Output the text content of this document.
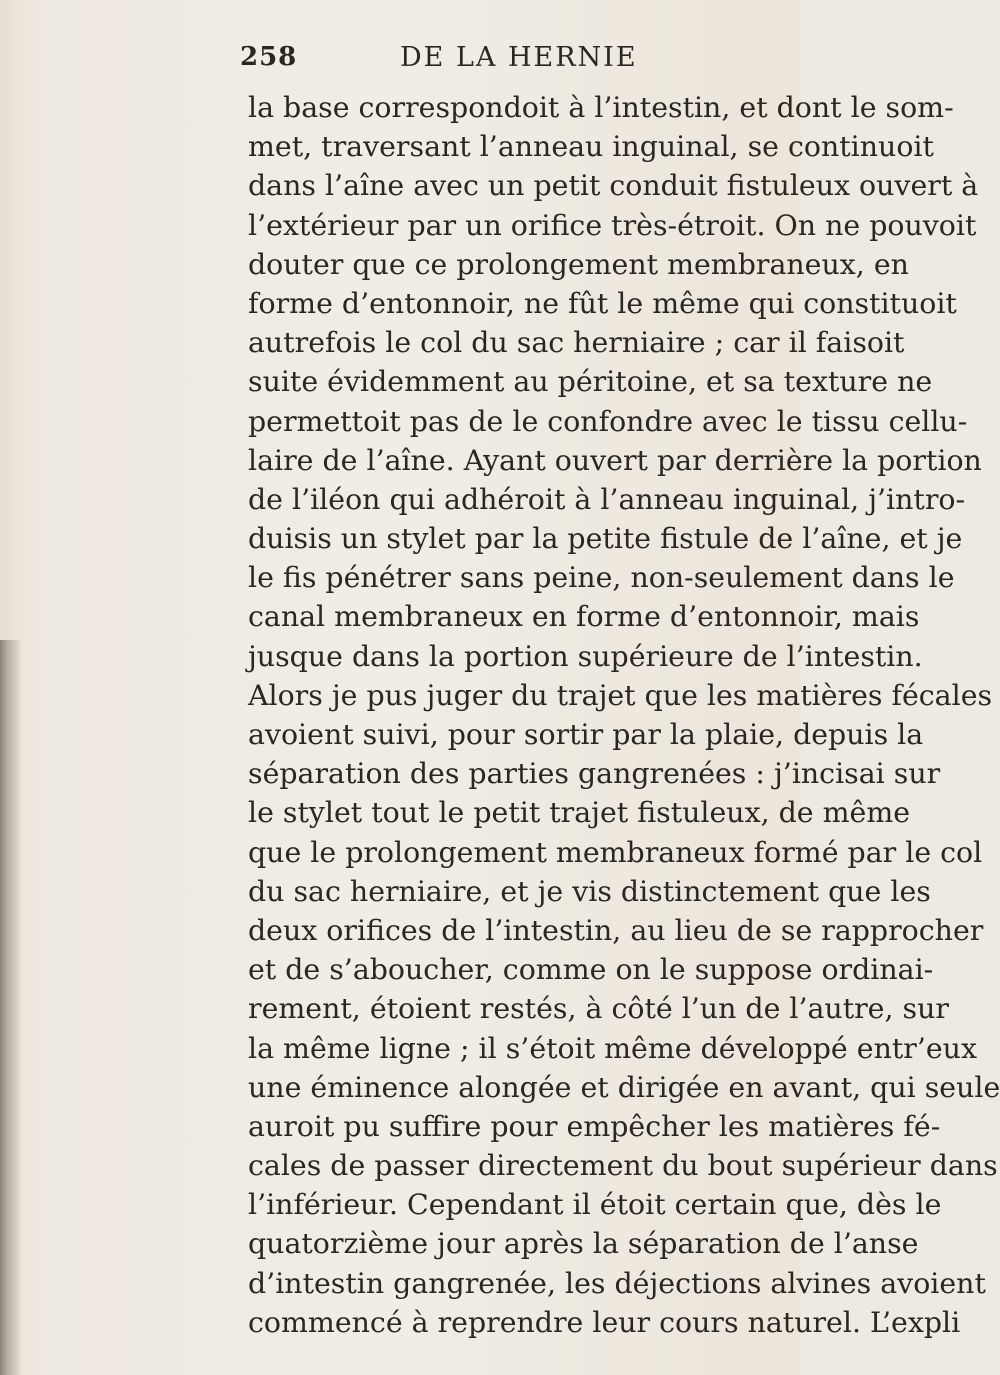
258	DE LA HERNIE
la base correspondoit à l’intestin, et dont le som-
met, traversant l’anneau inguinal, se continuoit
dans l’aîne avec un petit conduit fistuleux ouvert à
l’extérieur par un orifice très-étroit. On ne pouvoit
douter que ce prolongement membraneux, en
forme d’entonnoir, ne fût le même qui constituoit
autrefois le col du sac herniaire ; car il faisoit
suite évidemment au péritoine, et sa texture ne
permettoit pas de le confondre avec le tissu cellu-
laire de l’aîne. Ayant ouvert par derrière la portion
de l’iléon qui adhéroit à l’anneau inguinal, j’intro-
duisis un stylet par la petite fistule de l’aîne, et je
le fis pénétrer sans peine, non-seulement dans le
canal membraneux en forme d’entonnoir, mais
jusque dans la portion supérieure de l’intestin.
Alors je pus juger du trajet que les matières fécales
avoient suivi, pour sortir par la plaie, depuis la
séparation des parties gangrenées : j’incisai sur
le stylet tout le petit trajet fistuleux, de même
que le prolongement membraneux formé par le col
du sac herniaire, et je vis distinctement que les
deux orifices de l’intestin, au lieu de se rapprocher
et de s’aboucher, comme on le suppose ordinai-
rement, étoient restés, à côté l’un de l’autre, sur
la même ligne ; il s’étoit même développé entr’eux
une éminence alongée et dirigée en avant, qui seule
auroit pu suffire pour empêcher les matières fé-
cales de passer directement du bout supérieur dans
l’inférieur. Cependant il étoit certain que, dès le
quatorzième jour après la séparation de l’anse
d’intestin gangrenée, les déjections alvines avoient
commencé à reprendre leur cours naturel. L’expli
